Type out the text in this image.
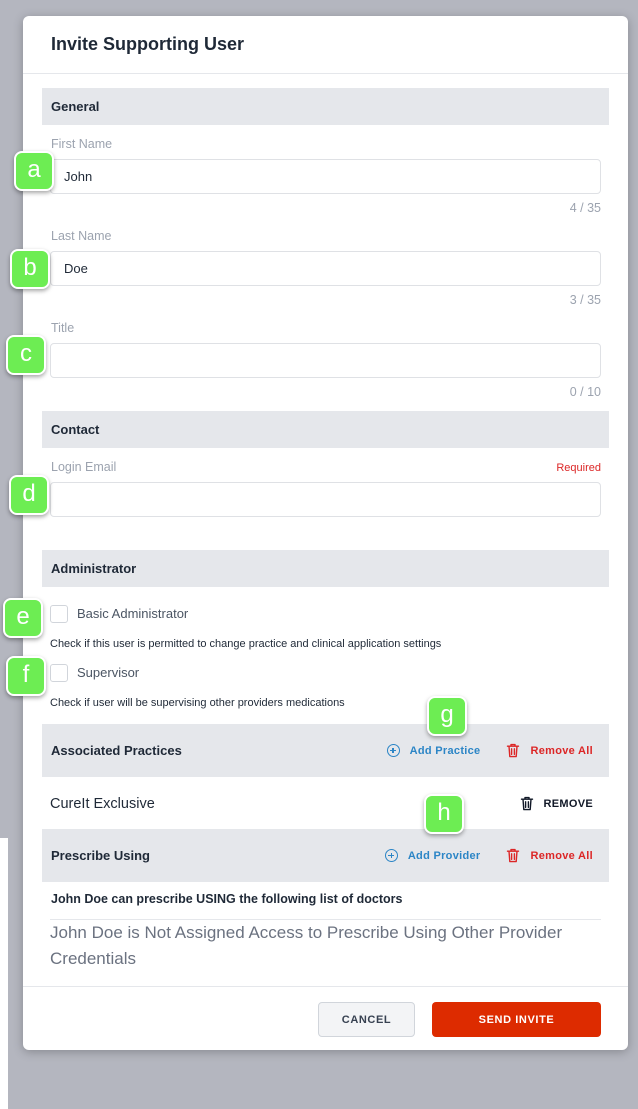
Invite Supporting User
General
First Name
John
4 / 35
Last Name
Doe
3 / 35
Title
0 / 10
Contact
Login Email	Required
Administrator
Basic Administrator
Check if this user is permitted to change practice and clinical application settings
Supervisor
Check if user will be supervising other providers medications
Associated Practices	Add Practice	Remove All
CureIt Exclusive	REMOVE
Prescribe Using	Add Provider	Remove All
John Doe can prescribe USING the following list of doctors

John Doe is Not Assigned Access to Prescribe Using Other Provider Credentials

CANCEL	SEND INVITE
a
b
c
d
e
f
g
h
